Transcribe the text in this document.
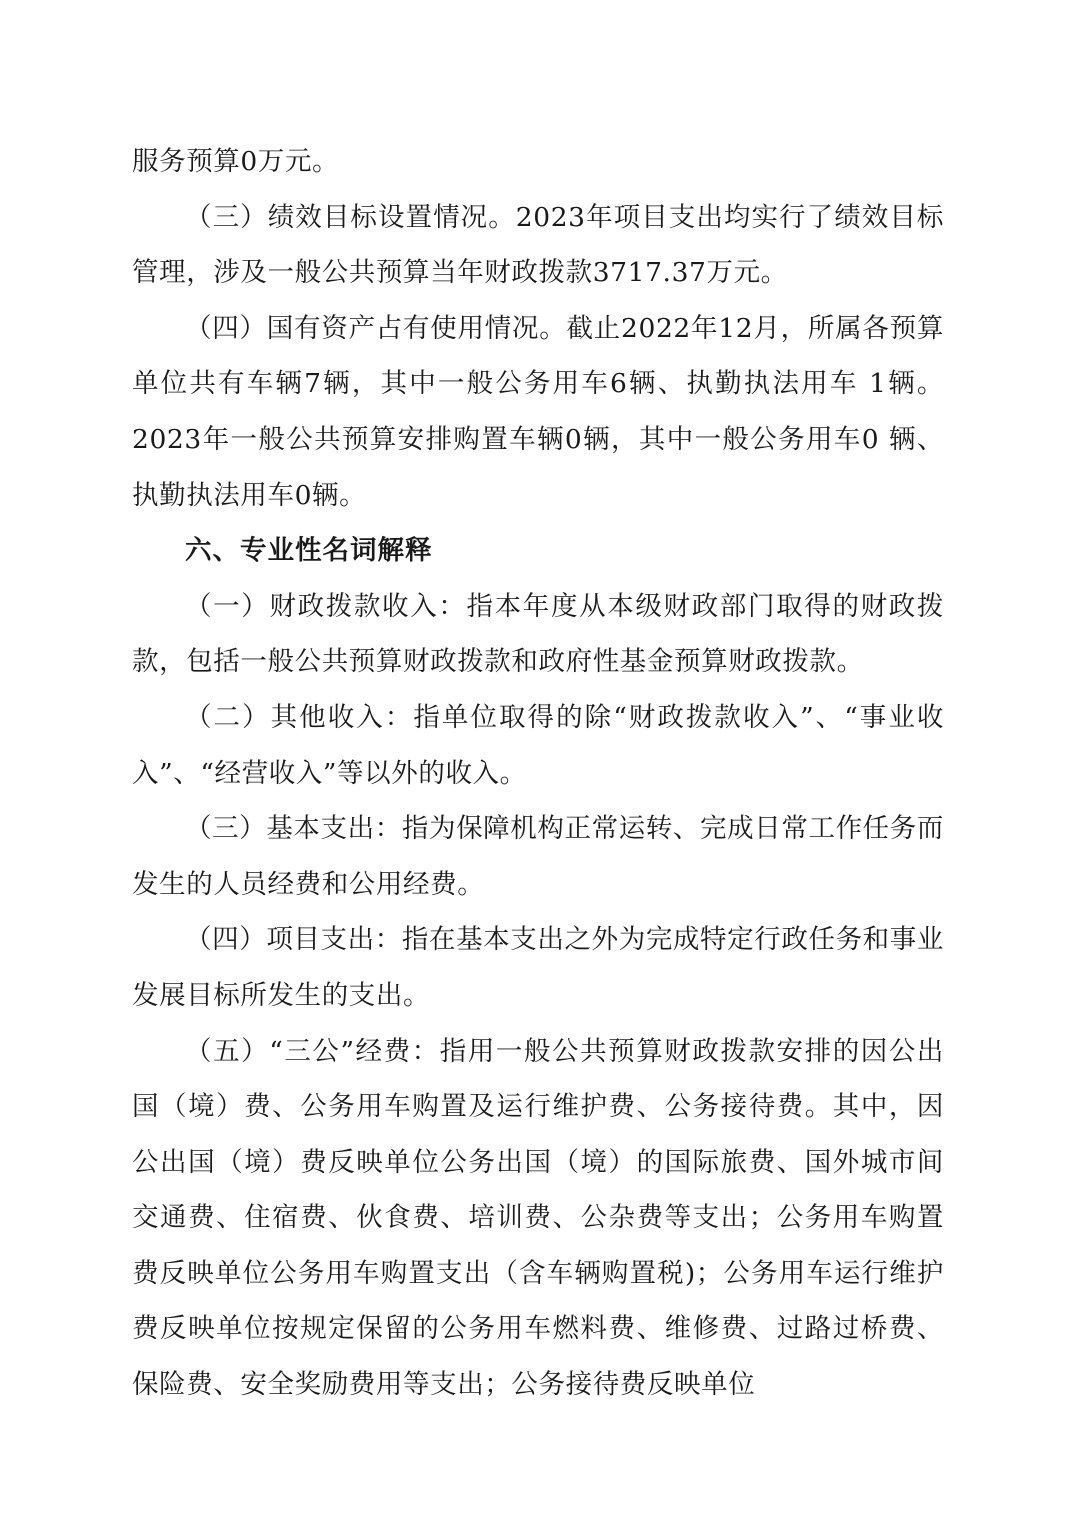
服务预算0万元。

（三）绩效目标设置情况。2023年项目支出均实行了绩效目标管理，涉及一般公共预算当年财政拨款3717.37万元。

（四）国有资产占有使用情况。截止2022年12月，所属各预算单位共有车辆7辆，其中一般公务用车6辆、执勤执法用车 1辆。2023年一般公共预算安排购置车辆0辆，其中一般公务用车0 辆、执勤执法用车0辆。

六、专业性名词解释

（一）财政拨款收入：指本年度从本级财政部门取得的财政拨款，包括一般公共预算财政拨款和政府性基金预算财政拨款。

（二）其他收入：指单位取得的除“财政拨款收入”、“事业收入”、“经营收入”等以外的收入。

（三）基本支出：指为保障机构正常运转、完成日常工作任务而发生的人员经费和公用经费。

（四）项目支出：指在基本支出之外为完成特定行政任务和事业发展目标所发生的支出。

（五）“三公”经费：指用一般公共预算财政拨款安排的因公出国（境）费、公务用车购置及运行维护费、公务接待费。其中，因公出国（境）费反映单位公务出国（境）的国际旅费、国外城市间交通费、住宿费、伙食费、培训费、公杂费等支出；公务用车购置费反映单位公务用车购置支出（含车辆购置税)；公务用车运行维护费反映单位按规定保留的公务用车燃料费、维修费、过路过桥费、保险费、安全奖励费用等支出；公务接待费反映单位
